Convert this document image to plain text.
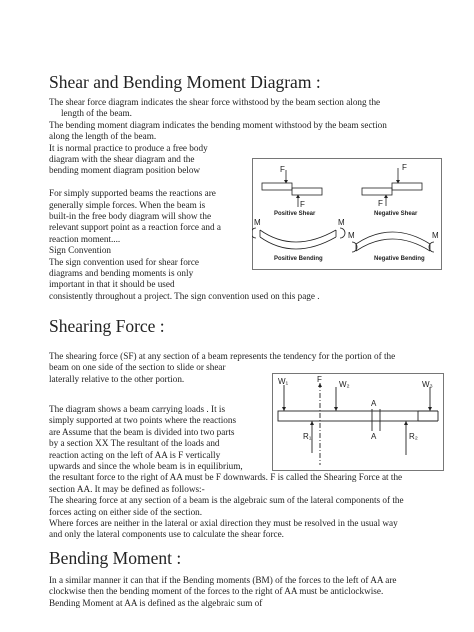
Shear and Bending Moment Diagram :
The shear force diagram indicates the shear force withstood by the beam section along the
length of the beam.
The bending moment diagram indicates the bending moment withstood by the beam section
along the length of the beam.
It is normal practice to produce a free body
diagram with the shear diagram and the
bending moment diagram position below
For simply supported beams the reactions are
generally simple forces. When the beam is
built-in the free body diagram will show the
relevant support point as a reaction force and a
reaction moment....
Sign Convention
The sign convention used for shear force
diagrams and bending moments is only
important in that it should be used
consistently throughout a project. The sign convention used on this page .
F
F
Positive Shear
F
F
Negative Shear
M	M
Positive Bending
M	M
Negative Bending
Shearing Force :
The shearing force (SF) at any section of a beam represents the tendency for the portion of the
beam on one side of the section to slide or shear
laterally relative to the other portion.
The diagram shows a beam carrying loads . It is
simply supported at two points where the reactions
are Assume that the beam is divided into two parts
by a section XX The resultant of the loads and
reaction acting on the left of AA is F vertically
upwards and since the whole beam is in equilibrium,
the resultant force to the right of AA must be F downwards. F is called the Shearing Force at the
section AA. It may be defined as follows:-
The shearing force at any section of a beam is the algebraic sum of the lateral components of the
forces acting on either side of the section.
Where forces are neither in the lateral or axial direction they must be resolved in the usual way
and only the lateral components use to calculate the shear force.
A
A
W₁	F
W₂	W₃
R₁	R₂
Bending Moment :
In a similar manner it can that if the Bending moments (BM) of the forces to the left of AA are
clockwise then the bending moment of the forces to the right of AA must be anticlockwise.
Bending Moment at AA is defined as the algebraic sum of
